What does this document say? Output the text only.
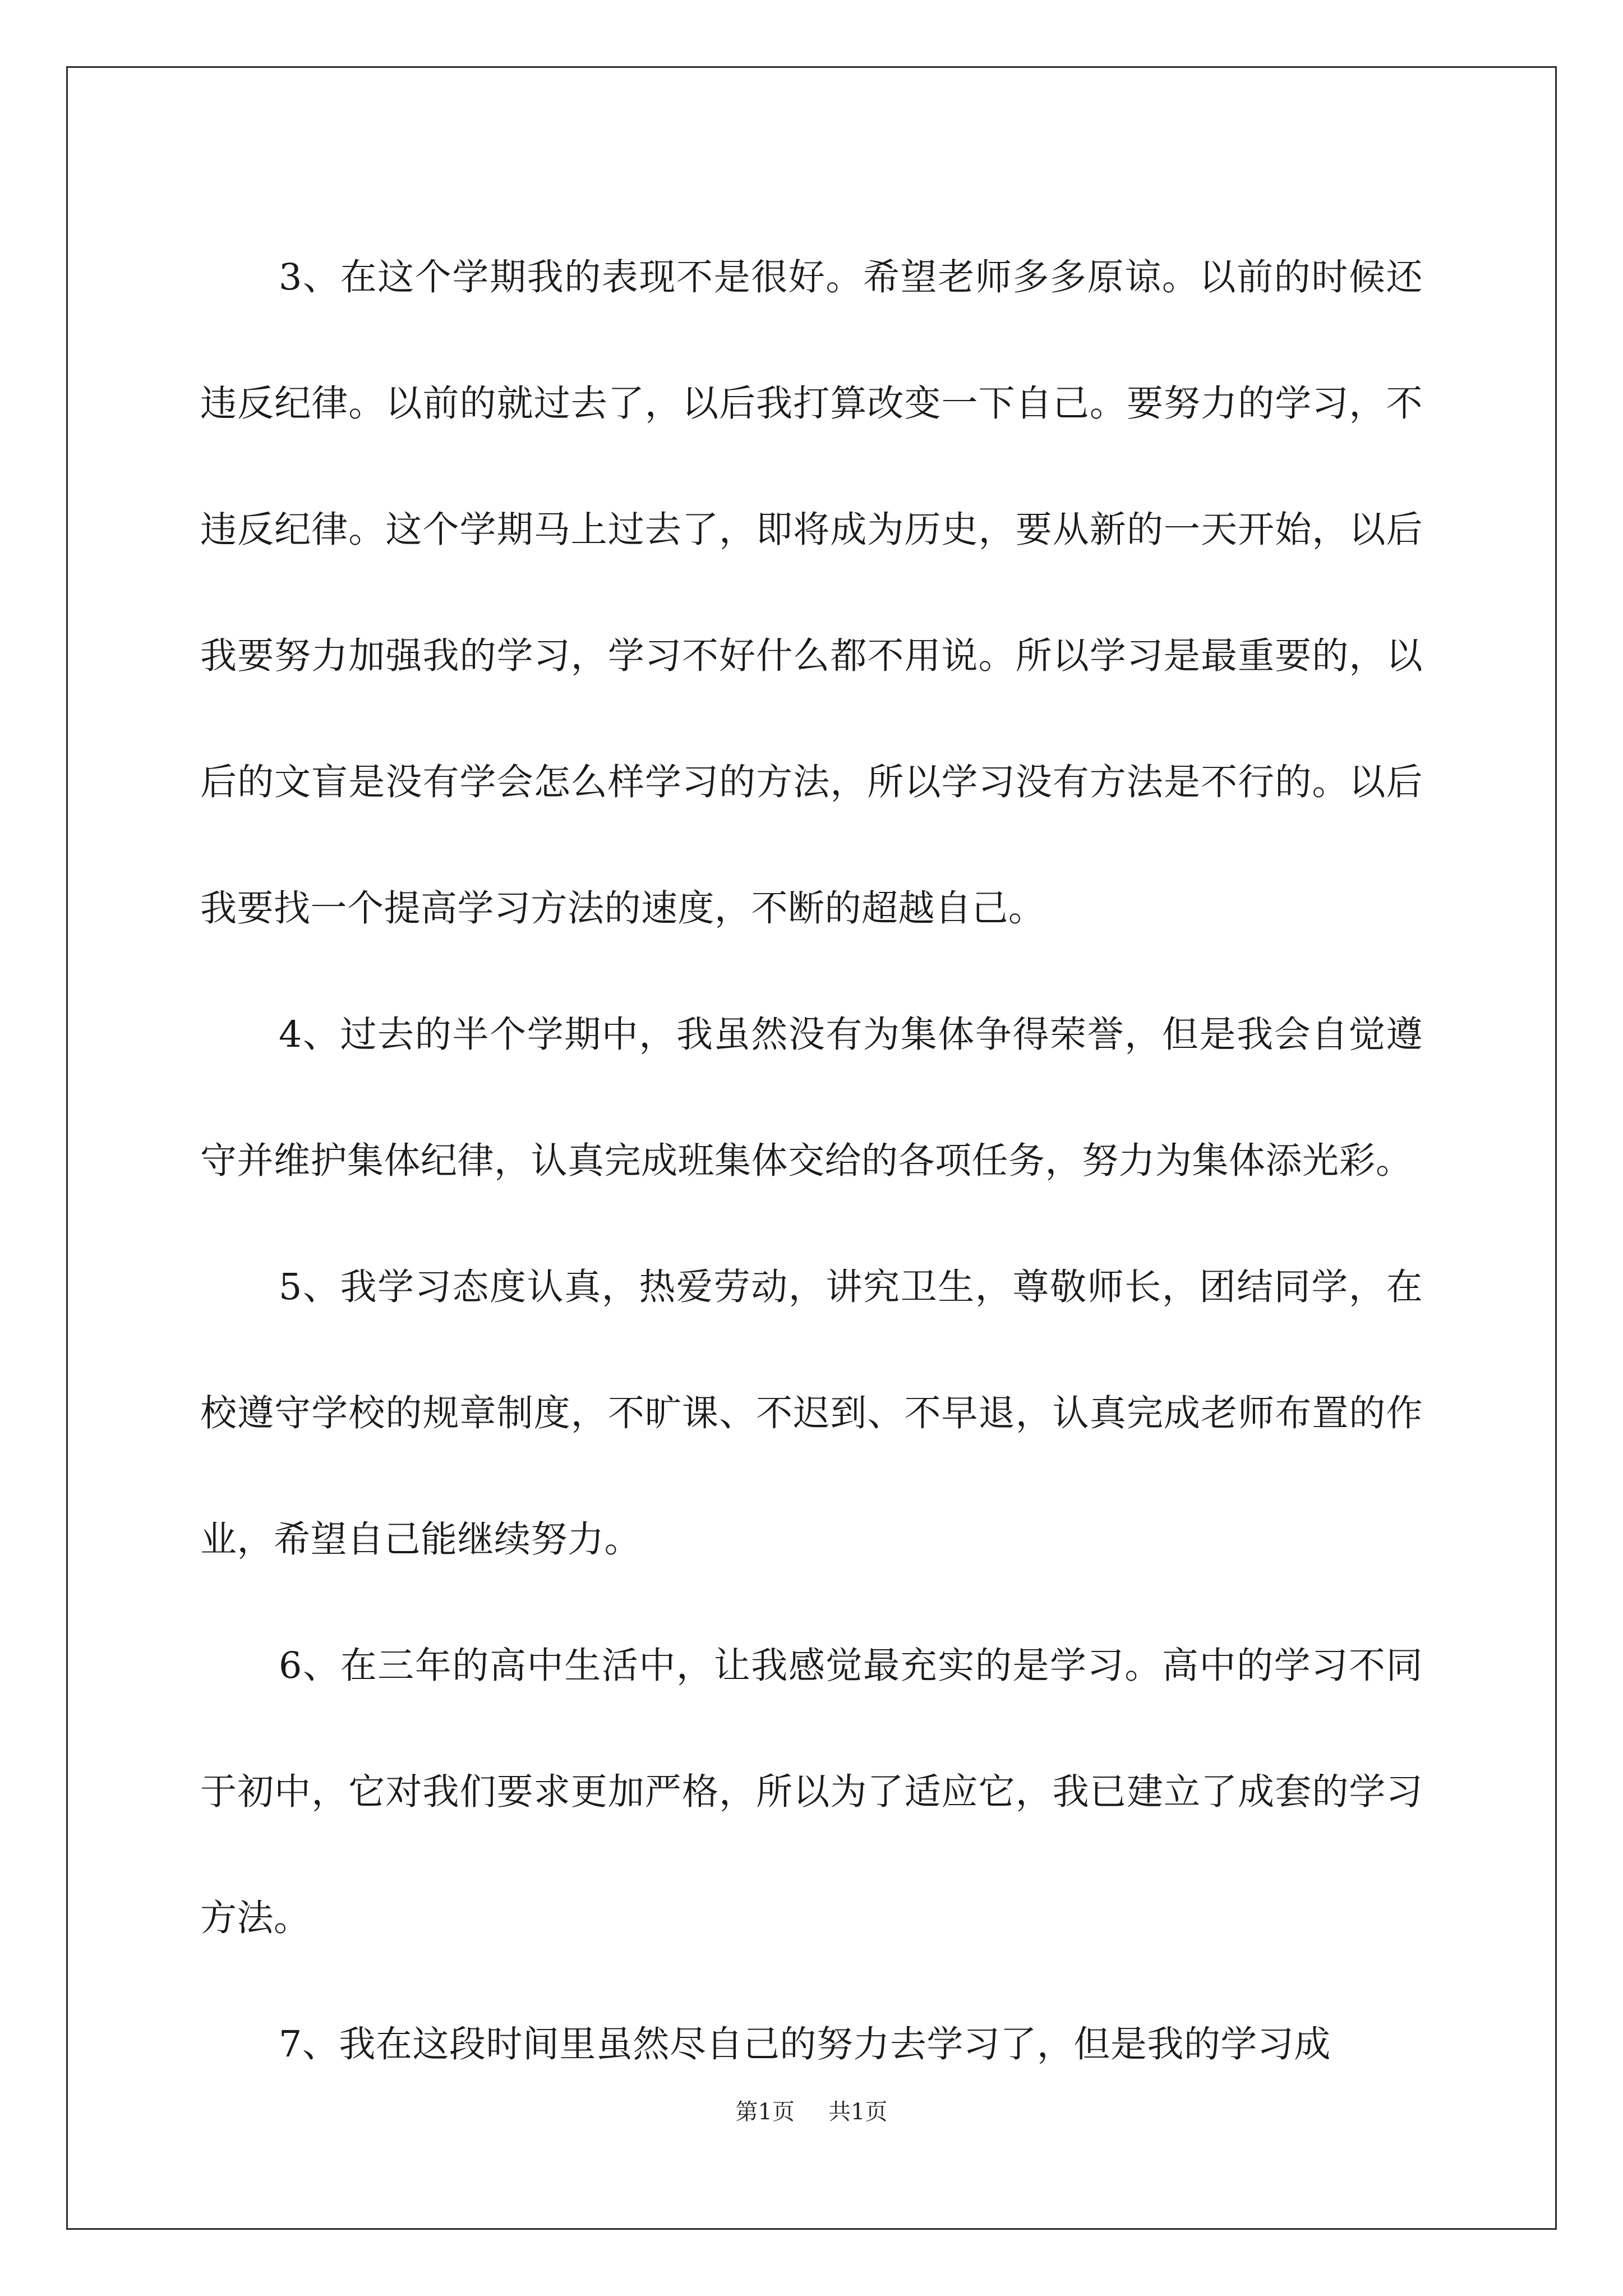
3、在这个学期我的表现不是很好。希望老师多多原谅。以前的时候还违反纪律。以前的就过去了，以后我打算改变一下自己。要努力的学习，不违反纪律。这个学期马上过去了，即将成为历史，要从新的一天开始，以后我要努力加强我的学习，学习不好什么都不用说。所以学习是最重要的，以后的文盲是没有学会怎么样学习的方法，所以学习没有方法是不行的。以后我要找一个提高学习方法的速度，不断的超越自己。

4、过去的半个学期中，我虽然没有为集体争得荣誉，但是我会自觉遵守并维护集体纪律，认真完成班集体交给的各项任务，努力为集体添光彩。

5、我学习态度认真，热爱劳动，讲究卫生，尊敬师长，团结同学，在校遵守学校的规章制度，不旷课、不迟到、不早退，认真完成老师布置的作业，希望自己能继续努力。

6、在三年的高中生活中，让我感觉最充实的是学习。高中的学习不同于初中，它对我们要求更加严格，所以为了适应它，我已建立了成套的学习方法。

7、我在这段时间里虽然尽自己的努力去学习了，但是我的学习成

第1页 共1页
